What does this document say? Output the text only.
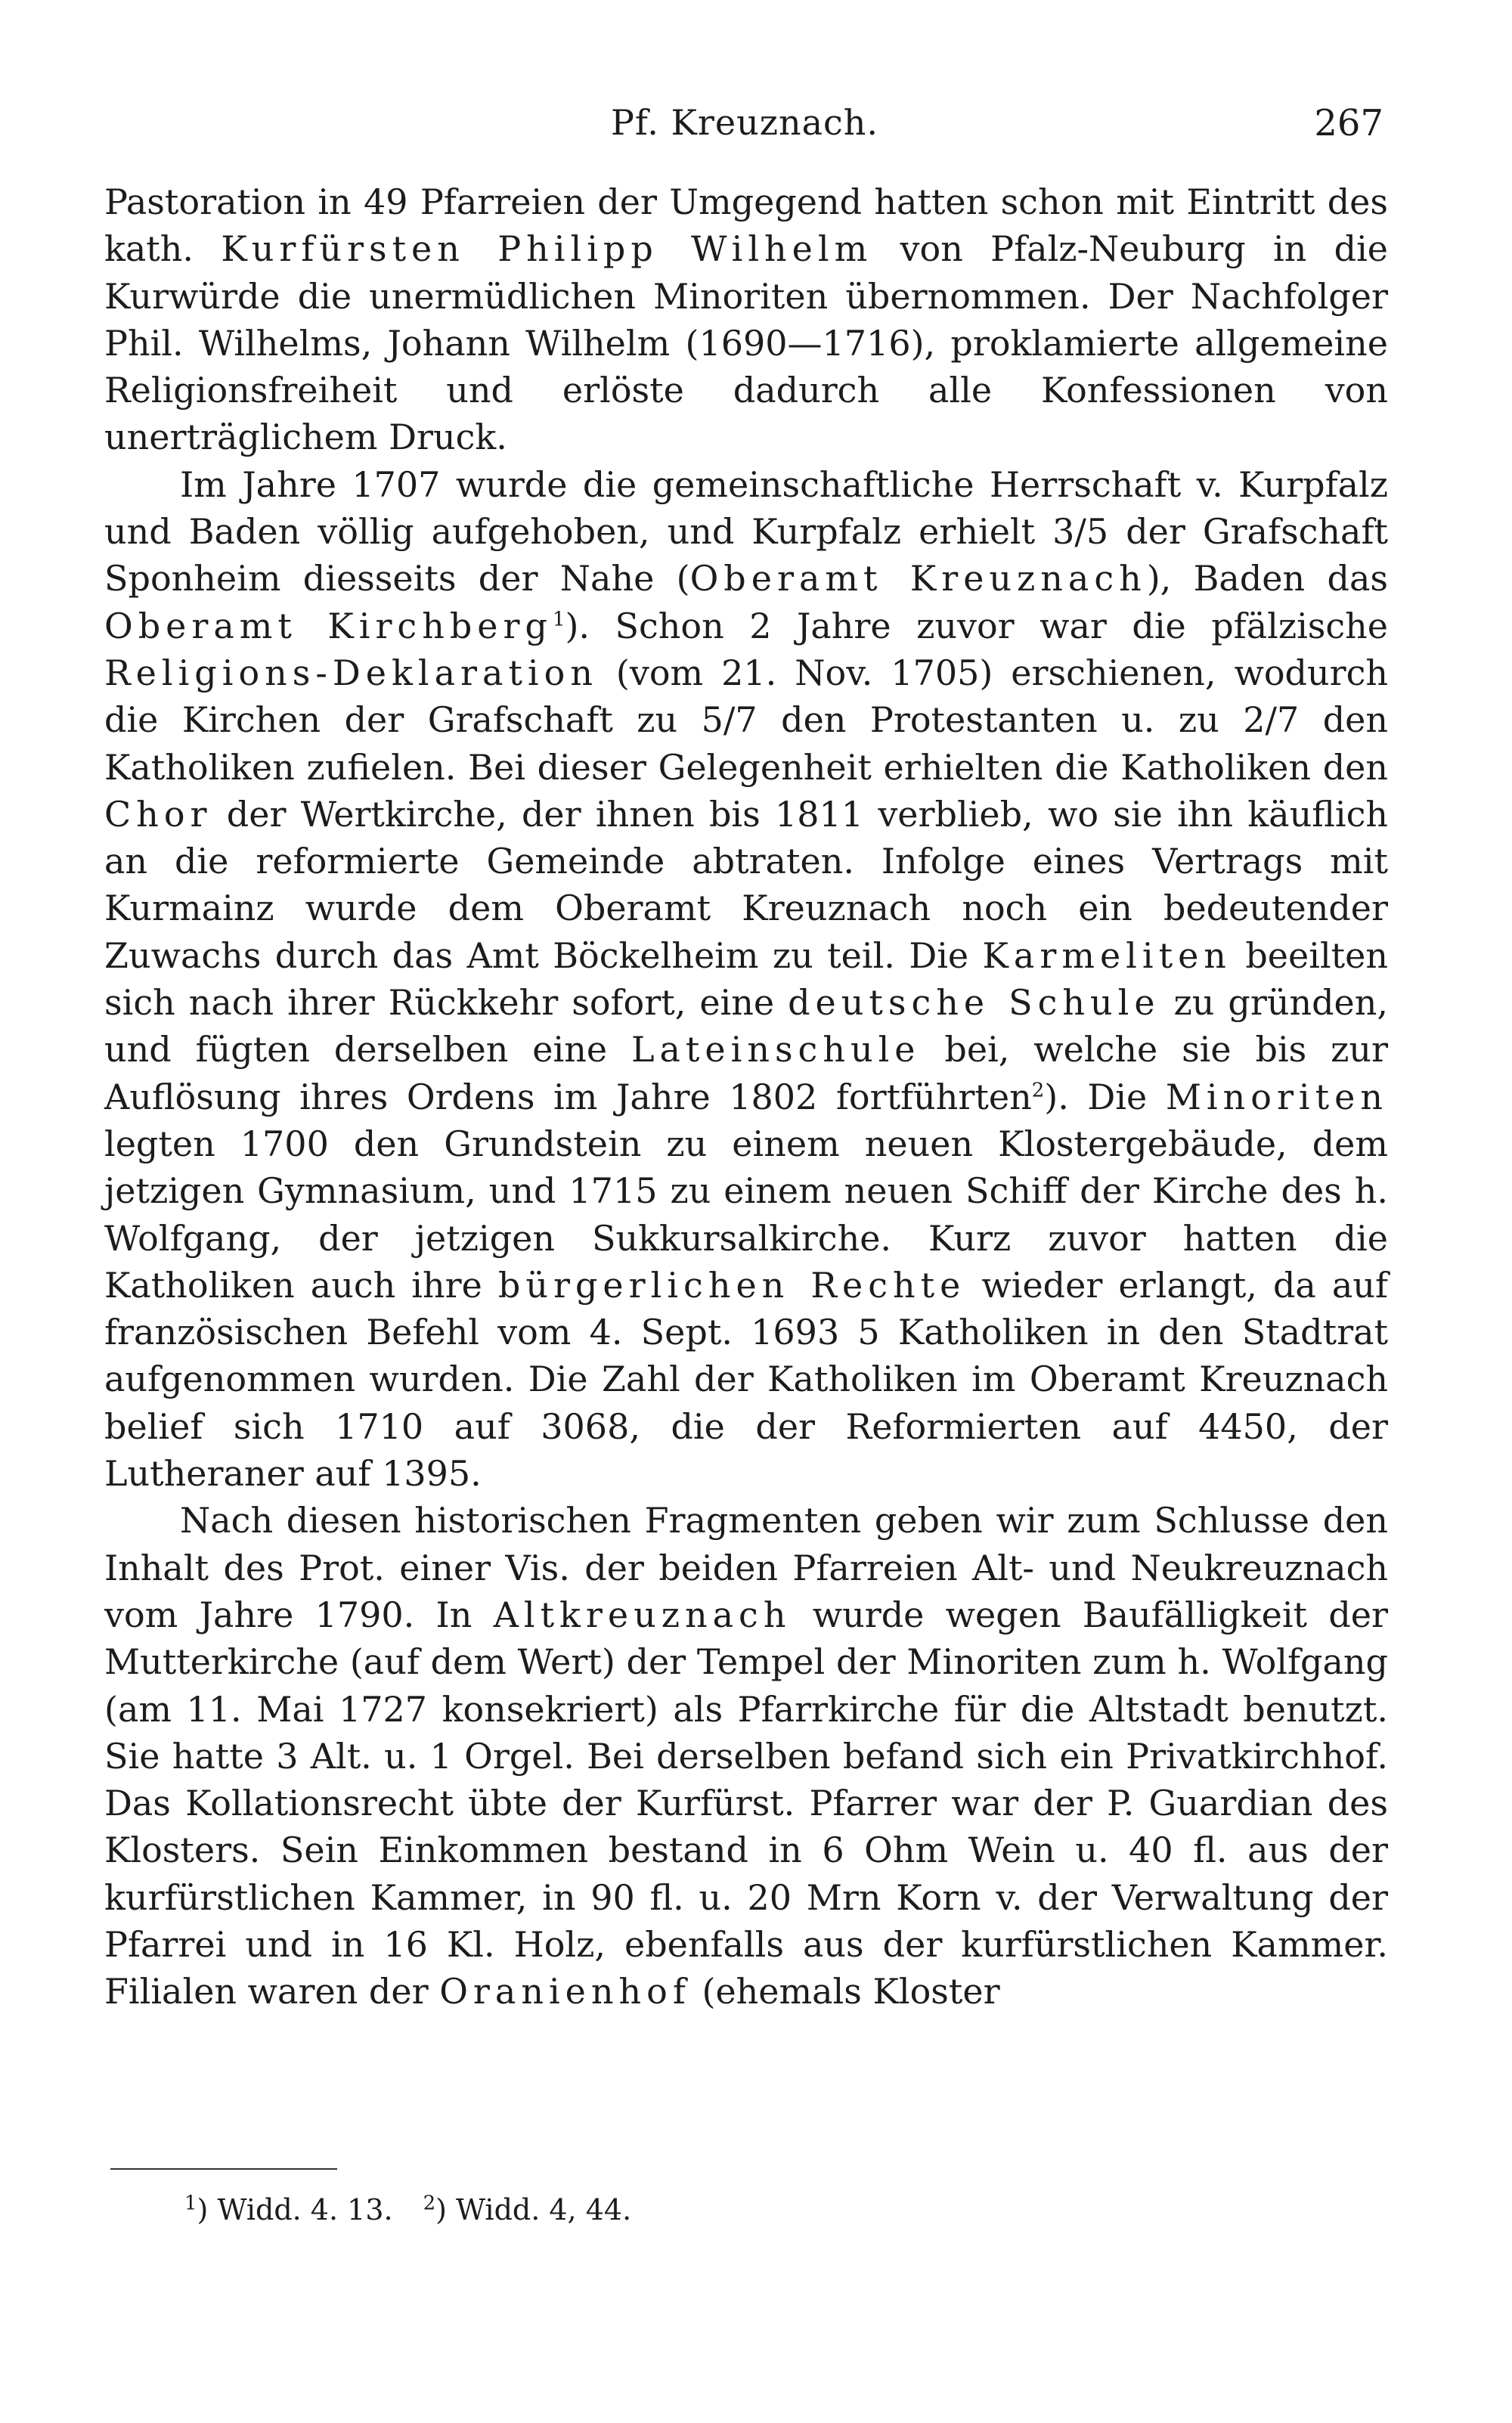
Pf. Kreuznach.	267

Pastoration in 49 Pfarreien der Umgegend hatten schon mit Eintritt des kath. Kurfürsten Philipp Wilhelm von Pfalz-Neuburg in die Kurwürde die unermüdlichen Minoriten übernommen. Der Nachfolger Phil. Wilhelms, Johann Wilhelm (1690—1716), proklamierte allgemeine Religionsfreiheit und erlöste dadurch alle Konfessionen von unerträglichem Druck.

Im Jahre 1707 wurde die gemeinschaftliche Herrschaft v. Kurpfalz und Baden völlig aufgehoben, und Kurpfalz erhielt 3/5 der Grafschaft Sponheim diesseits der Nahe (Oberamt Kreuznach), Baden das Oberamt Kirchberg$^1$). Schon 2 Jahre zuvor war die pfälzische Religions-Deklaration (vom 21. Nov. 1705) erschienen, wodurch die Kirchen der Grafschaft zu 5/7 den Protestanten u. zu 2/7 den Katholiken zufielen. Bei dieser Gelegenheit erhielten die Katholiken den Chor der Wertkirche, der ihnen bis 1811 verblieb, wo sie ihn käuflich an die reformierte Gemeinde abtraten. Infolge eines Vertrags mit Kurmainz wurde dem Oberamt Kreuznach noch ein bedeutender Zuwachs durch das Amt Böckelheim zu teil. Die Karmeliten beeilten sich nach ihrer Rückkehr sofort, eine deutsche Schule zu gründen, und fügten derselben eine Lateinschule bei, welche sie bis zur Auflösung ihres Ordens im Jahre 1802 fortführten$^2$). Die Minoriten legten 1700 den Grundstein zu einem neuen Klostergebäude, dem jetzigen Gymnasium, und 1715 zu einem neuen Schiff der Kirche des h. Wolfgang, der jetzigen Sukkursalkirche. Kurz zuvor hatten die Katholiken auch ihre bürgerlichen Rechte wieder erlangt, da auf französischen Befehl vom 4. Sept. 1693 5 Katholiken in den Stadtrat aufgenommen wurden. Die Zahl der Katholiken im Oberamt Kreuznach belief sich 1710 auf 3068, die der Reformierten auf 4450, der Lutheraner auf 1395.

Nach diesen historischen Fragmenten geben wir zum Schlusse den Inhalt des Prot. einer Vis. der beiden Pfarreien Alt- und Neukreuznach vom Jahre 1790. In Altkreuznach wurde wegen Baufälligkeit der Mutterkirche (auf dem Wert) der Tempel der Minoriten zum h. Wolfgang (am 11. Mai 1727 konsekriert) als Pfarrkirche für die Altstadt benutzt. Sie hatte 3 Alt. u. 1 Orgel. Bei derselben befand sich ein Privatkirchhof. Das Kollationsrecht übte der Kurfürst. Pfarrer war der P. Guardian des Klosters. Sein Einkommen bestand in 6 Ohm Wein u. 40 fl. aus der kurfürstlichen Kammer, in 90 fl. u. 20 Mrn Korn v. der Verwaltung der Pfarrei und in 16 Kl. Holz, ebenfalls aus der kurfürstlichen Kammer. Filialen waren der Oranienhof (ehemals Kloster

$^1$) Widd. 4. 13. $^2$) Widd. 4, 44.
